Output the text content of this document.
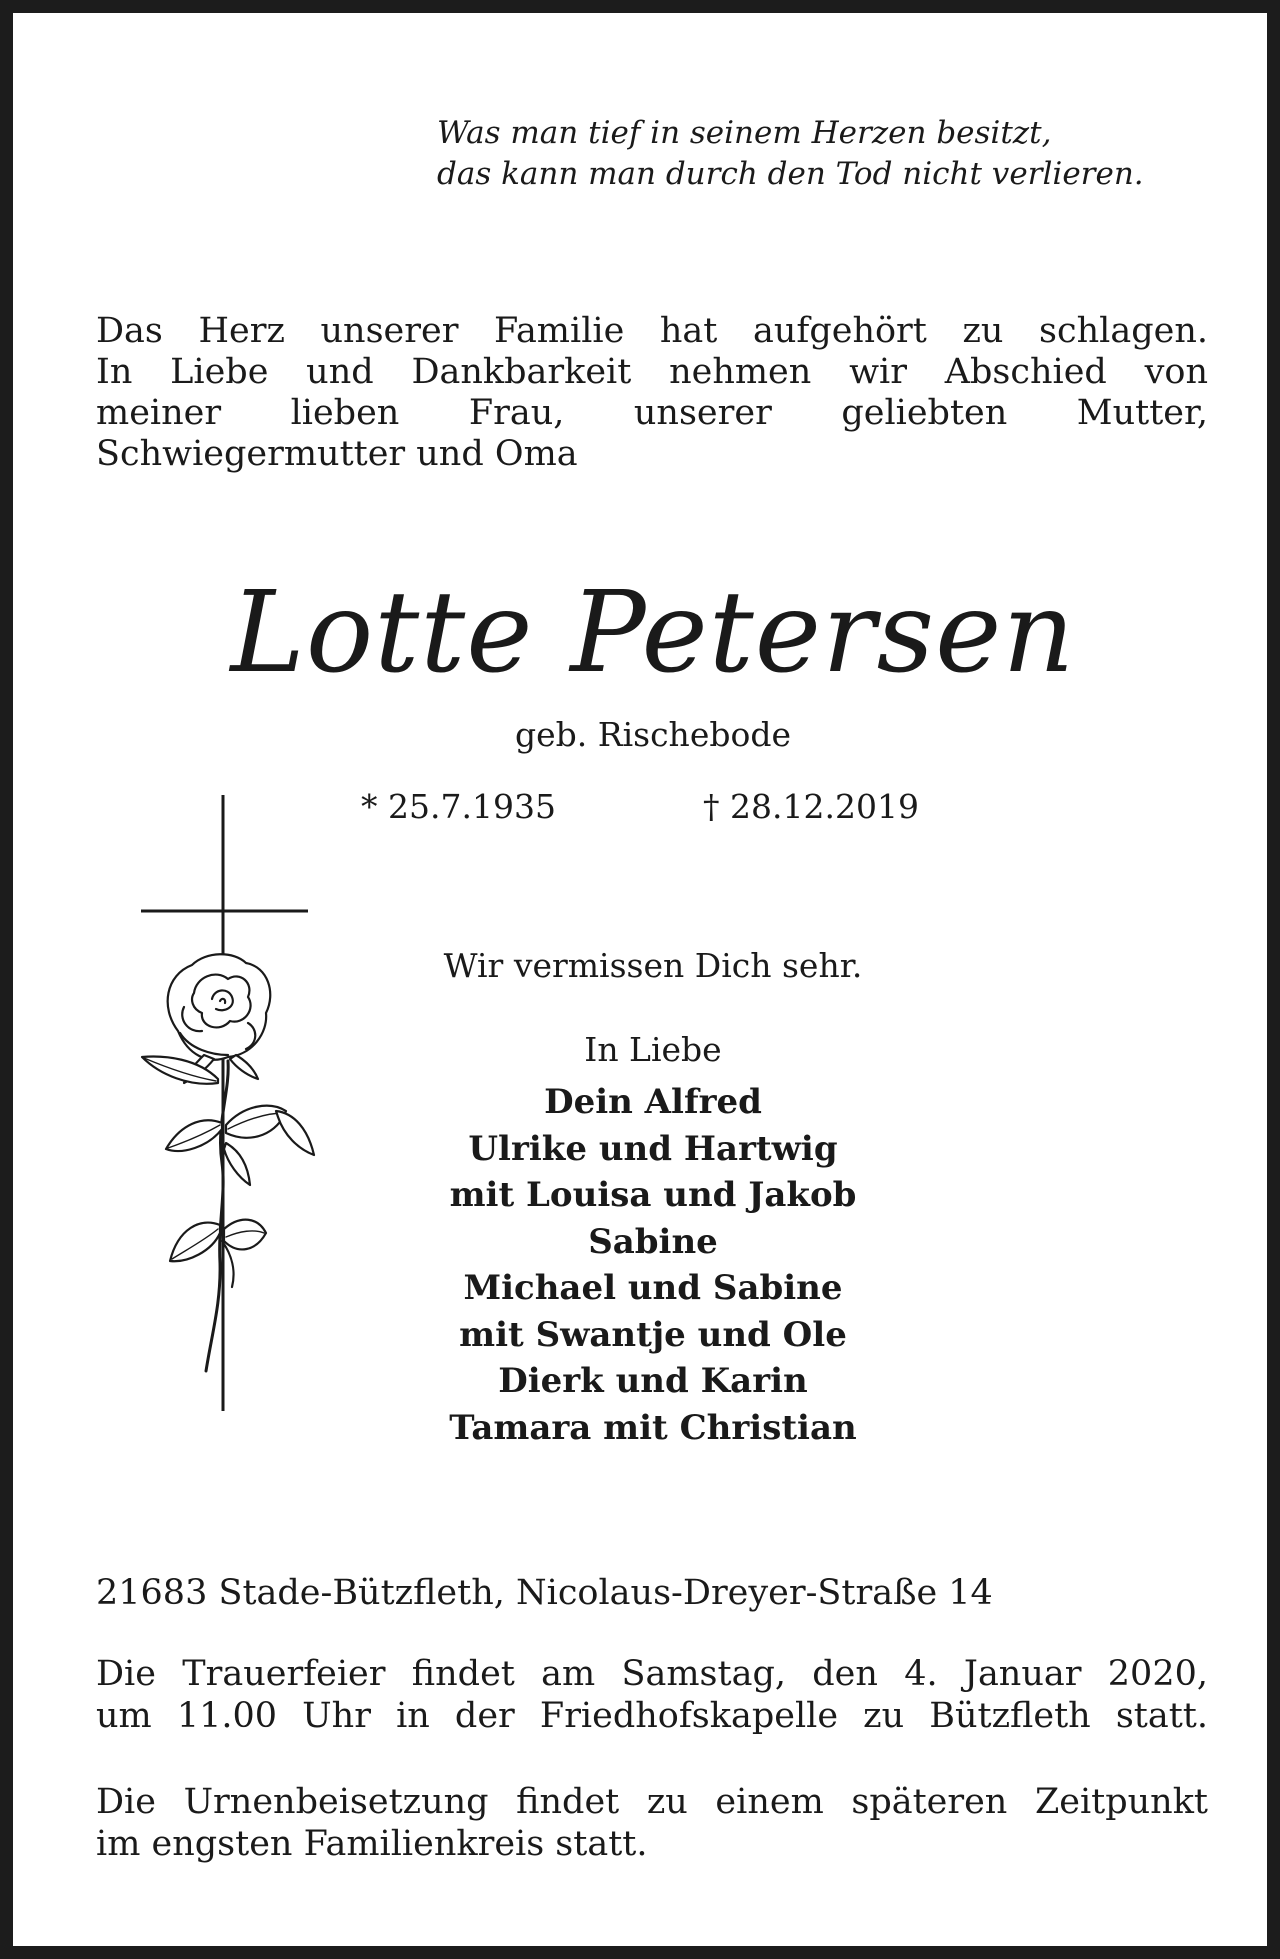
Was man tief in seinem Herzen besitzt,
das kann man durch den Tod nicht verlieren.
Das Herz unserer Familie hat aufgehört zu schlagen.
In Liebe und Dankbarkeit nehmen wir Abschied von
meiner lieben Frau, unserer geliebten Mutter,
Schwiegermutter und Oma
Lotte Petersen
geb. Rischebode
* 25.7.1935	† 28.12.2019
Wir vermissen Dich sehr.
In Liebe
Dein Alfred
Ulrike und Hartwig
mit Louisa und Jakob
Sabine
Michael und Sabine
mit Swantje und Ole
Dierk und Karin
Tamara mit Christian
21683 Stade-Bützfleth, Nicolaus-Dreyer-Straße 14
Die Trauerfeier findet am Samstag, den 4. Januar 2020,
um 11.00 Uhr in der Friedhofskapelle zu Bützfleth statt.
Die Urnenbeisetzung findet zu einem späteren Zeitpunkt
im engsten Familienkreis statt.
